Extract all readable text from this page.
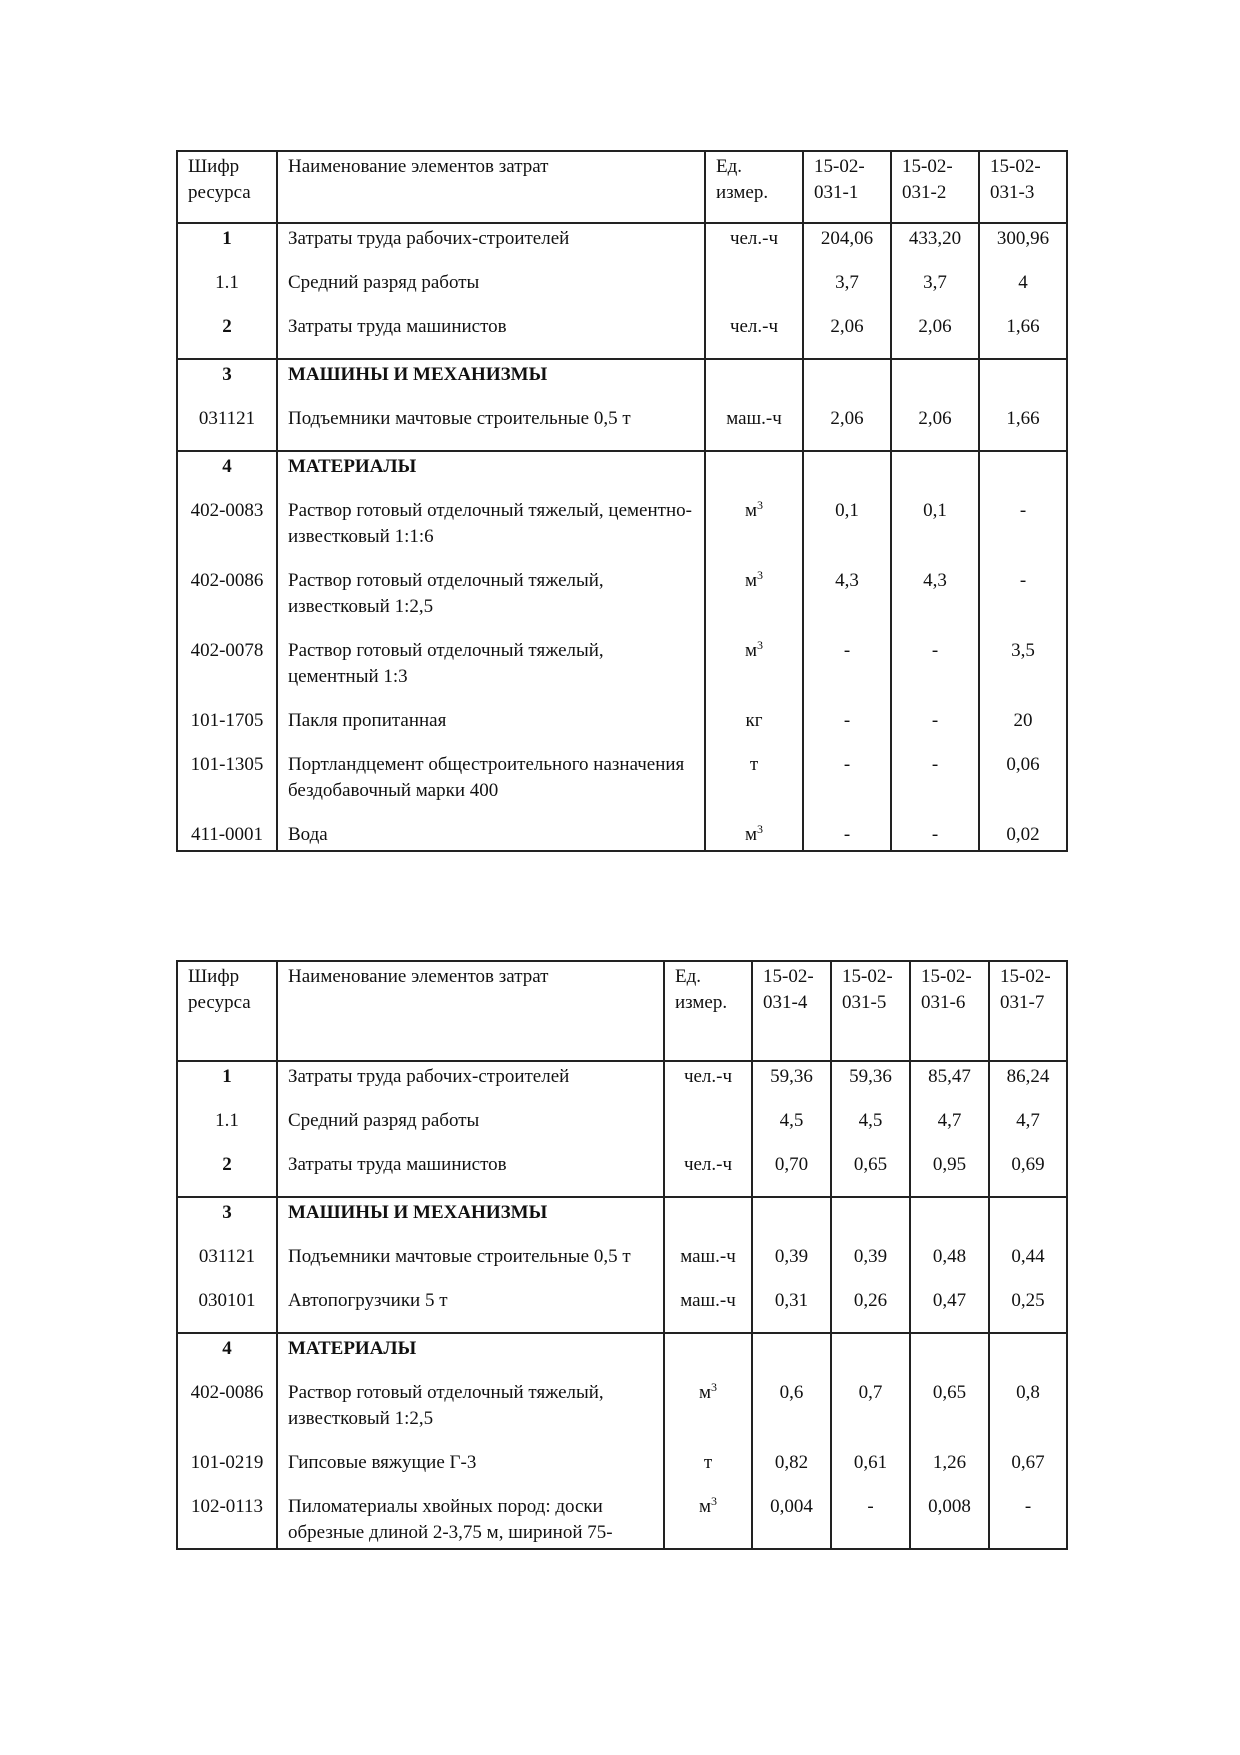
Шифр ресурса	Наименование элементов затрат	Ед. измер.	15-02-031-1	15-02-031-2	15-02-031-3
1	Затраты труда рабочих-строителей	чел.-ч	204,06	433,20	300,96
1.1	Средний разряд работы		3,7	3,7	4
2	Затраты труда машинистов	чел.-ч	2,06	2,06	1,66
3	МАШИНЫ И МЕХАНИЗМЫ				
031121	Подъемники мачтовые строительные 0,5 т	маш.-ч	2,06	2,06	1,66
4	МАТЕРИАЛЫ				
402-0083	Раствор готовый отделочный тяжелый, цементно-известковый 1:1:6	$м^3$	0,1	0,1	-
402-0086	Раствор готовый отделочный тяжелый, известковый 1:2,5	$м^3$	4,3	4,3	-
402-0078	Раствор готовый отделочный тяжелый, цементный 1:3	$м^3$	-	-	3,5
101-1705	Пакля пропитанная	кг	-	-	20
101-1305	Портландцемент общестроительного назначения бездобавочный марки 400	т	-	-	0,06
411-0001	Вода	$м^3$	-	-	0,02
Шифр ресурса	Наименование элементов затрат	Ед. измер.	15-02-031-4	15-02-031-5	15-02-031-6	15-02-031-7
1	Затраты труда рабочих-строителей	чел.-ч	59,36	59,36	85,47	86,24
1.1	Средний разряд работы		4,5	4,5	4,7	4,7
2	Затраты труда машинистов	чел.-ч	0,70	0,65	0,95	0,69
3	МАШИНЫ И МЕХАНИЗМЫ					
031121	Подъемники мачтовые строительные 0,5 т	маш.-ч	0,39	0,39	0,48	0,44
030101	Автопогрузчики 5 т	маш.-ч	0,31	0,26	0,47	0,25
4	МАТЕРИАЛЫ					
402-0086	Раствор готовый отделочный тяжелый, известковый 1:2,5	$м^3$	0,6	0,7	0,65	0,8
101-0219	Гипсовые вяжущие Г-3	т	0,82	0,61	1,26	0,67
102-0113	Пиломатериалы хвойных пород: доски обрезные длиной 2-3,75 м, шириной 75-	$м^3$	0,004	-	0,008	-
